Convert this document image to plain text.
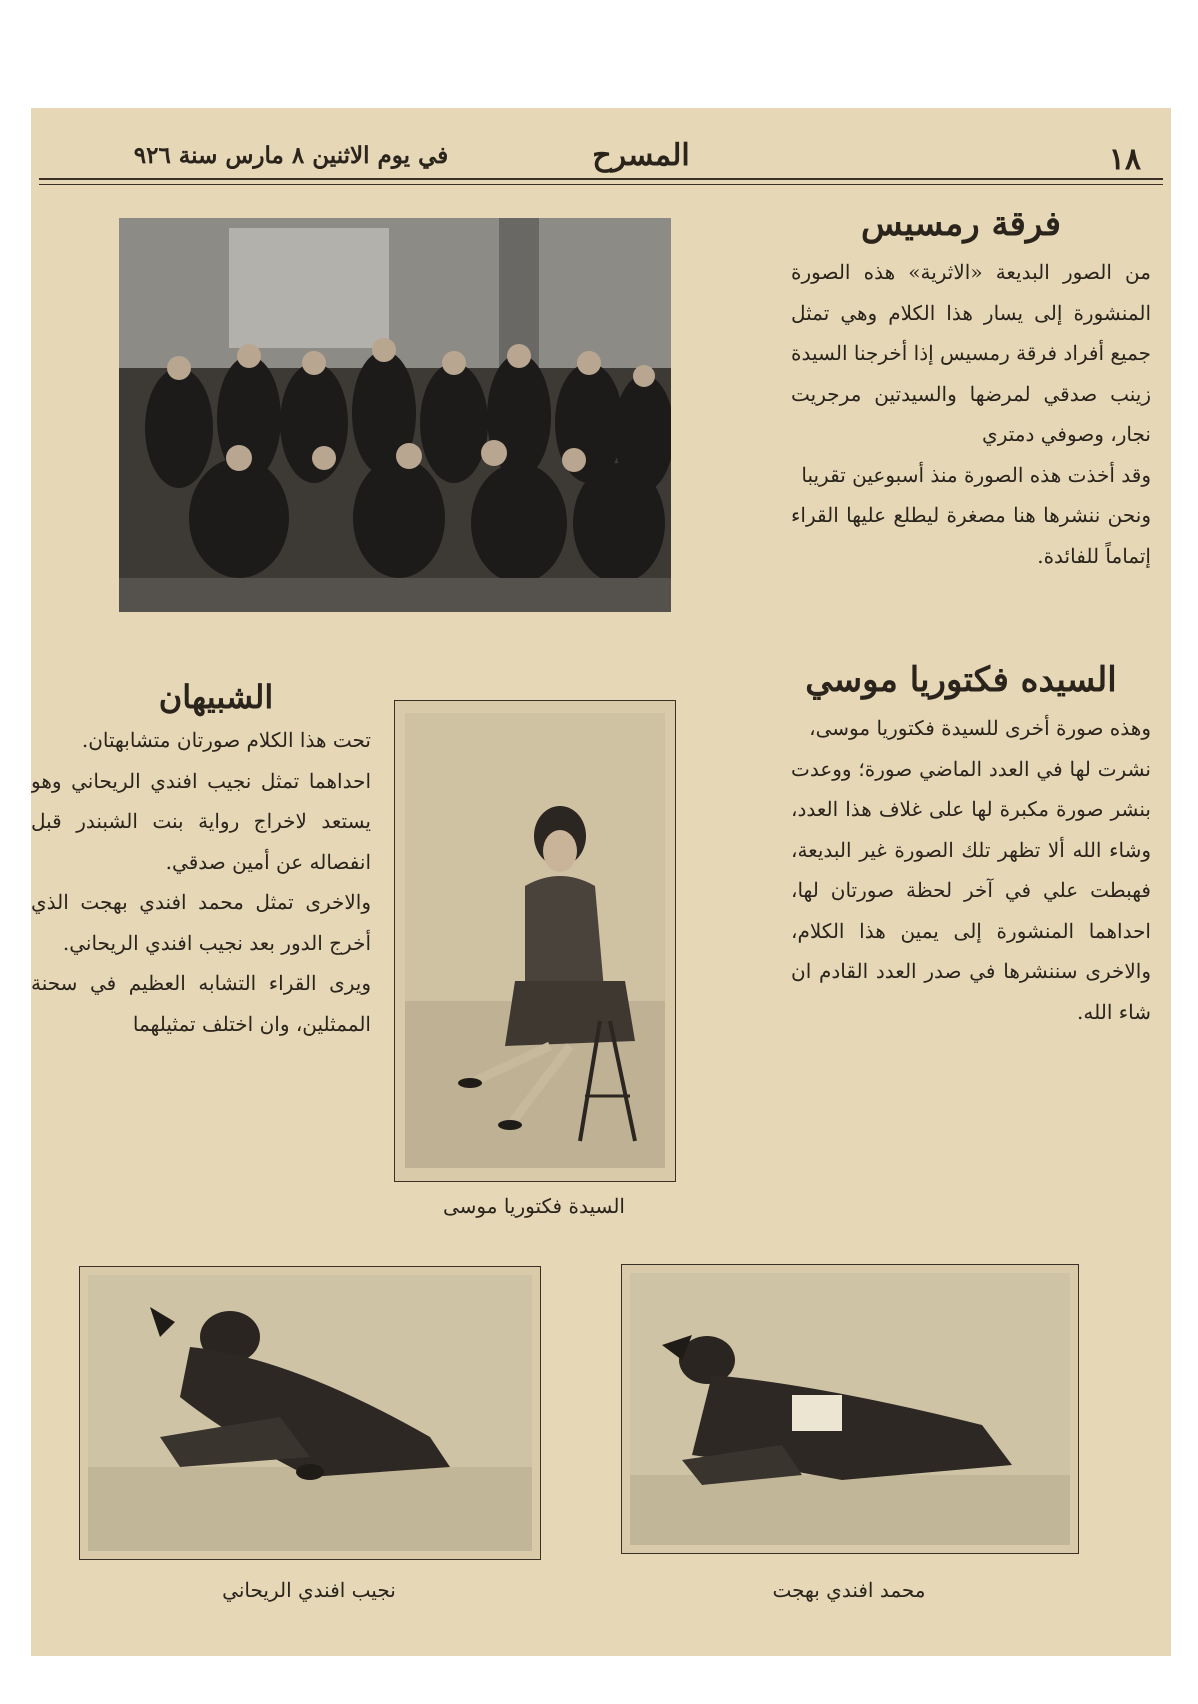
١٨
المسرح
في يوم الاثنين ٨ مارس سنة ٩٢٦
فرقة رمسيس

من الصور البديعة «الاثرية» هذه الصورة المنشورة إلى يسار هذا الكلام وهي تمثل جميع أفراد فرقة رمسيس إذا أخرجنا السيدة زينب صدقي لمرضها والسيدتين مرجريت نجار، وصوفي دمتري

وقد أخذت هذه الصورة منذ أسبوعين تقريبا

ونحن ننشرها هنا مصغرة ليطلع عليها القراء إتماماً للفائدة.

السيده فكتوريا موسي

وهذه صورة أخرى للسيدة فكتوريا موسى،

نشرت لها في العدد الماضي صورة؛ ووعدت بنشر صورة مكبرة لها على غلاف هذا العدد، وشاء الله ألا تظهر تلك الصورة غير البديعة، فهبطت علي في آخر لحظة صورتان لها، احداهما المنشورة إلى يمين هذا الكلام، والاخرى سننشرها في صدر العدد القادم ان شاء الله.

السيدة فكتوريا موسى
الشبيهان

تحت هذا الكلام صورتان متشابهتان.

احداهما تمثل نجيب افندي الريحاني وهو يستعد لاخراج رواية بنت الشبندر قبل انفصاله عن أمين صدقي.

والاخرى تمثل محمد افندي بهجت الذي أخرج الدور بعد نجيب افندي الريحاني.

ويرى القراء التشابه العظيم في سحنة الممثلين، وان اختلف تمثيلهما

نجيب افندي الريحاني	محمد افندي بهجت
